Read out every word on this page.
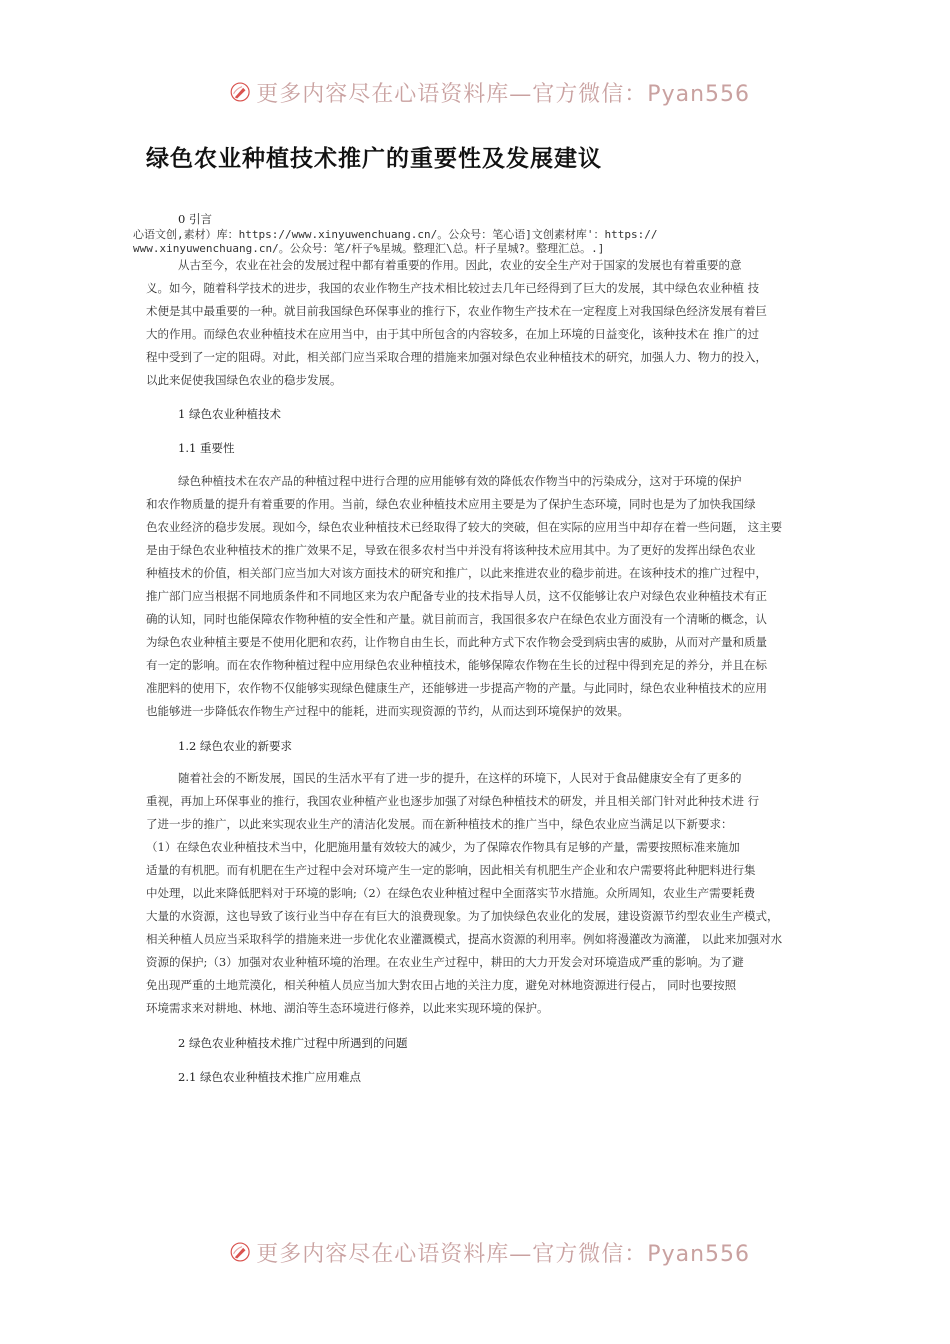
更多内容尽在心语资料库—官方微信：Pyan556
绿色农业种植技术推广的重要性及发展建议
0 引言
心语文创,素材）库：https://www.xinyuwenchuang.cn/。公众号：笔心语]文创素材库'：https://
www.xinyuwenchuang.cn/。公众号：笔/杆子%星城。整理汇\总。杆子星城?。整理汇总。.]
从古至今，农业在社会的发展过程中都有着重要的作用。因此，农业的安全生产对于国家的发展也有着重要的意
义。如今，随着科学技术的进步，我国的农业作物生产技术相比较过去几年已经得到了巨大的发展，其中绿色农业种植 技
术便是其中最重要的一种。就目前我国绿色环保事业的推行下，农业作物生产技术在一定程度上对我国绿色经济发展有着巨
大的作用。而绿色农业种植技术在应用当中，由于其中所包含的内容较多，在加上环境的日益变化，该种技术在 推广的过
程中受到了一定的阻碍。对此，相关部门应当采取合理的措施来加强对绿色农业种植技术的研究，加强人力、物力的投入，
以此来促使我国绿色农业的稳步发展。
1 绿色农业种植技术
1.1 重要性
绿色种植技术在农产品的种植过程中进行合理的应用能够有效的降低农作物当中的污染成分，这对于环境的保护
和农作物质量的提升有着重要的作用。当前，绿色农业种植技术应用主要是为了保护生态环境，同时也是为了加快我国绿
色农业经济的稳步发展。现如今，绿色农业种植技术已经取得了较大的突破，但在实际的应用当中却存在着一些问题， 这主要
是由于绿色农业种植技术的推广效果不足，导致在很多农村当中并没有将该种技术应用其中。为了更好的发挥出绿色农业
种植技术的价值，相关部门应当加大对该方面技术的研究和推广，以此来推进农业的稳步前进。在该种技术的推广过程中，
推广部门应当根据不同地质条件和不同地区来为农户配备专业的技术指导人员，这不仅能够让农户对绿色农业种植技术有正
确的认知，同时也能保障农作物种植的安全性和产量。就目前而言，我国很多农户在绿色农业方面没有一个清晰的概念，认
为绿色农业种植主要是不使用化肥和农药，让作物自由生长，而此种方式下农作物会受到病虫害的威胁，从而对产量和质量
有一定的影响。而在农作物种植过程中应用绿色农业种植技术，能够保障农作物在生长的过程中得到充足的养分，并且在标
准肥料的使用下，农作物不仅能够实现绿色健康生产，还能够进一步提高产物的产量。与此同时，绿色农业种植技术的应用
也能够进一步降低农作物生产过程中的能耗，进而实现资源的节约，从而达到环境保护的效果。
1.2 绿色农业的新要求
随着社会的不断发展，国民的生活水平有了进一步的提升，在这样的环境下，人民对于食品健康安全有了更多的
重视，再加上环保事业的推行，我国农业种植产业也逐步加强了对绿色种植技术的研发，并且相关部门针对此种技术进 行
了进一步的推广，以此来实现农业生产的清洁化发展。而在新种植技术的推广当中，绿色农业应当满足以下新要求：
（1）在绿色农业种植技术当中，化肥施用量有效较大的减少，为了保障农作物具有足够的产量，需要按照标准来施加
适量的有机肥。而有机肥在生产过程中会对环境产生一定的影响，因此相关有机肥生产企业和农户需要将此种肥料进行集
中处理，以此来降低肥料对于环境的影响;（2）在绿色农业种植过程中全面落实节水措施。众所周知，农业生产需要耗费
大量的水资源，这也导致了该行业当中存在有巨大的浪费现象。为了加快绿色农业化的发展，建设资源节约型农业生产模式，
相关种植人员应当采取科学的措施来进一步优化农业灌溉模式，提高水资源的利用率。例如将漫灌改为滴灌， 以此来加强对水
资源的保护;（3）加强对农业种植环境的治理。在农业生产过程中，耕田的大力开发会对环境造成严重的影响。为了避
免出现严重的土地荒漠化，相关种植人员应当加大對农田占地的关注力度，避免对林地资源进行侵占， 同时也要按照
环境需求来对耕地、林地、湖泊等生态环境进行修养，以此来实现环境的保护。
2 绿色农业种植技术推广过程中所遇到的问题
2.1 绿色农业种植技术推广应用难点
更多内容尽在心语资料库—官方微信：Pyan556
